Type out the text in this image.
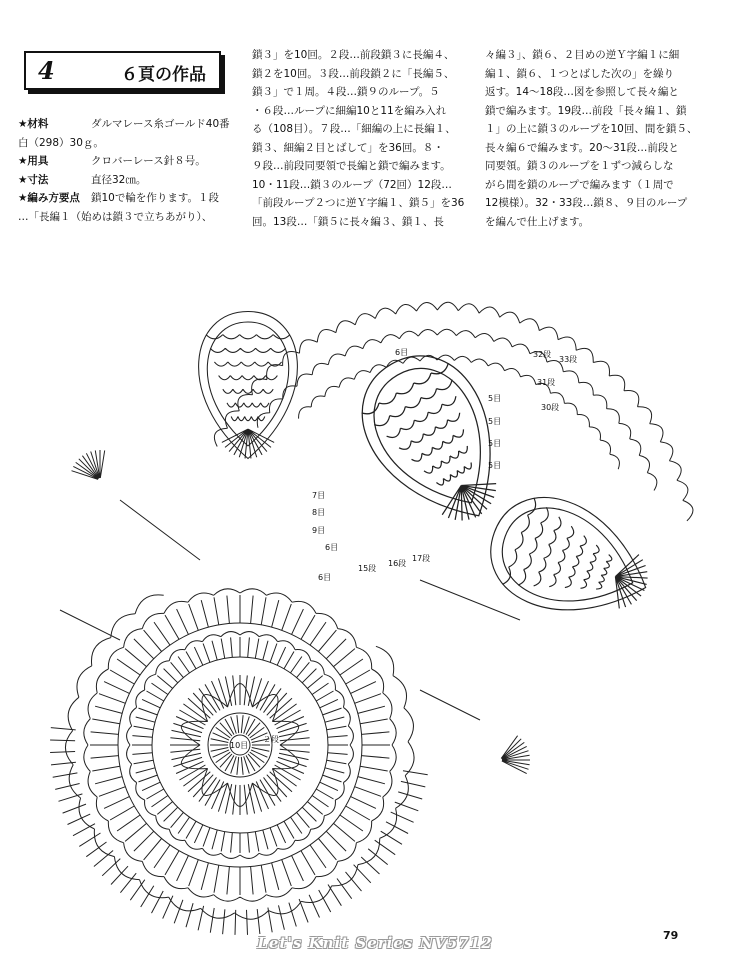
4	６頁の作品
★材料	ダルマレース糸ゴールド40番
白（298）30ｇ。
★用具	クロバーレース針８号。
★寸法	直径32㎝。
★編み方要点	鎖10で輪を作ります。１段
…「長編１（始めは鎖３で立ちあがり）、
鎖３」を10回。２段…前段鎖３に長編４、
鎖２を10回。３段…前段鎖２に「長編５、
鎖３」で１周。４段…鎖９のループ。５
・６段…ループに細編10と11を編み入れ
る（108目）。７段…「細編の上に長編１、
鎖３、細編２目とばして」を36回。８・
９段…前段同要領で長編と鎖で編みます。
10・11段…鎖３のループ（72回）12段…
「前段ループ２つに逆Ｙ字編１、鎖５」を36
回。13段…「鎖５に長々編３、鎖１、長
々編３」、鎖６、２目めの逆Ｙ字編１に細
編１、鎖６、１つとばした次の」を繰り
返す。14～18段…図を参照して長々編と
鎖で編みます。19段…前段「長々編１、鎖
１」の上に鎖３のループを10回、間を鎖５、
長々編６で編みます。20～31段…前段と
同要領。鎖３のループを１ずつ減らしな
がら間を鎖のループで編みます（１周で
12模様）。32・33段…鎖８、９目のループ
を編んで仕上げます。
10目
２段
32段
33段
31段
30段
15段
16段
17段
6目
7目
8目
9目
5目
6目
6目
5目
5目
5目
Let's Knit Series NV5712	79
